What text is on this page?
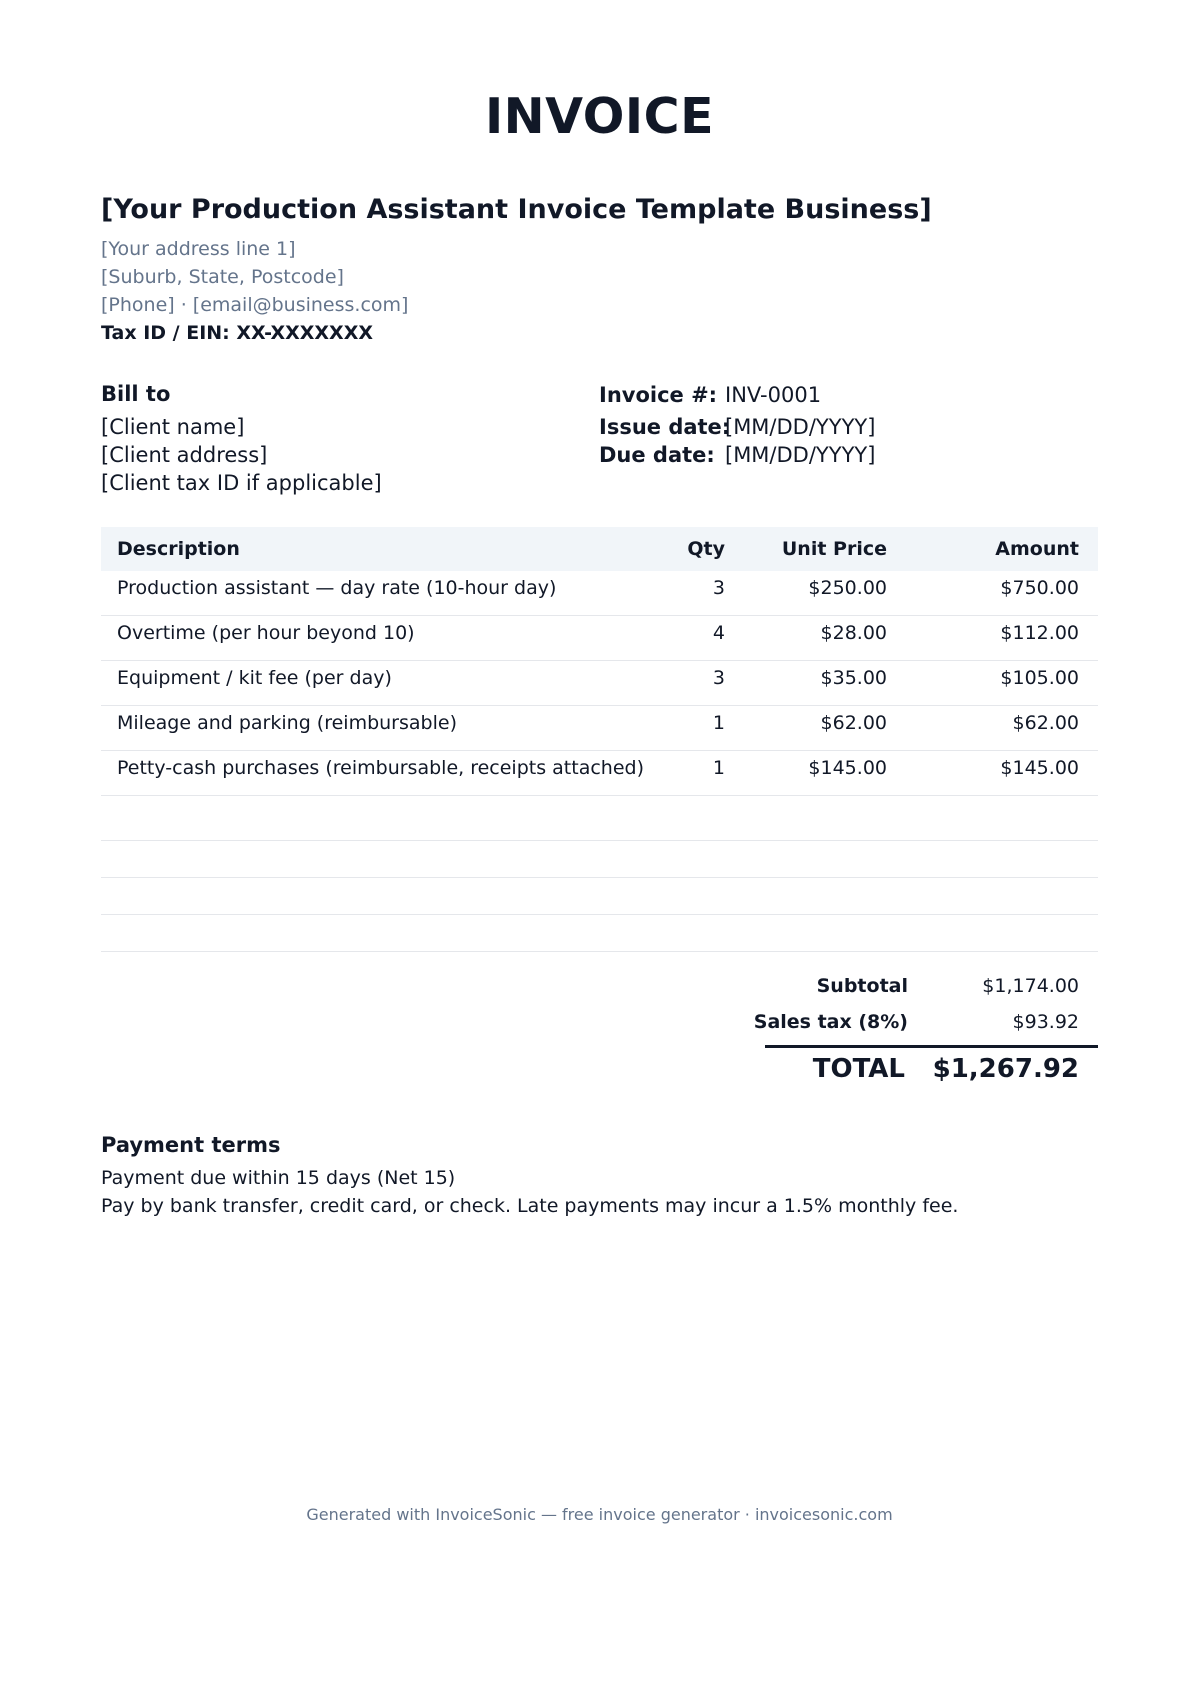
INVOICE
[Your Production Assistant Invoice Template Business]
[Your address line 1]
[Suburb, State, Postcode]
[Phone] · [email@business.com]
Tax ID / EIN: XX-XXXXXXX
Bill to
[Client name]
[Client address]
[Client tax ID if applicable]
Invoice #: INV-0001
Issue date:
[MM/DD/YYYY]
Due date: [MM/DD/YYYY]
Description	Qty	Unit Price	Amount
Production assistant — day rate (10-hour day)	3	$250.00	$750.00
Overtime (per hour beyond 10)	4	$28.00	$112.00
Equipment / kit fee (per day)	3	$35.00	$105.00
Mileage and parking (reimbursable)	1	$62.00	$62.00
Petty-cash purchases (reimbursable, receipts attached)	1	$145.00	$145.00
Subtotal	$1,174.00
Sales tax (8%)	$93.92
TOTAL $1,267.92
Payment terms
Payment due within 15 days (Net 15)
Pay by bank transfer, credit card, or check. Late payments may incur a 1.5% monthly fee.
Generated with InvoiceSonic — free invoice generator · invoicesonic.com
